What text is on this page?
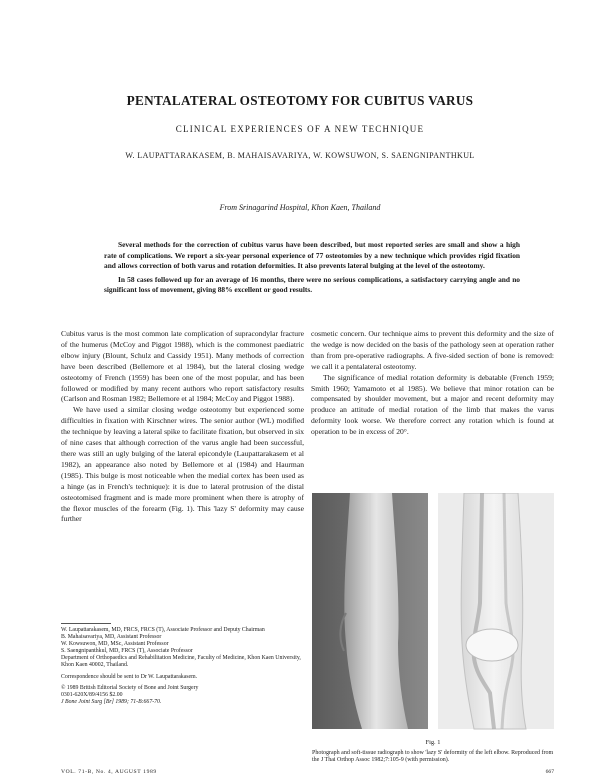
PENTALATERAL OSTEOTOMY FOR CUBITUS VARUS
CLINICAL EXPERIENCES OF A NEW TECHNIQUE
W. LAUPATTARAKASEM, B. MAHAISAVARIYA, W. KOWSUWON, S. SAENGNIPANTHKUL
From Srinagarind Hospital, Khon Kaen, Thailand

Several methods for the correction of cubitus varus have been described, but most reported series are small and show a high rate of complications. We report a six-year personal experience of 77 osteotomies by a new technique which provides rigid fixation and allows correction of both varus and rotation deformities. It also prevents lateral bulging at the level of the osteotomy.

In 58 cases followed up for an average of 16 months, there were no serious complications, a satisfactory carrying angle and no significant loss of movement, giving 88% excellent or good results.

Cubitus varus is the most common late complication of supracondylar fracture of the humerus (McCoy and Piggot 1988), which is the commonest paediatric elbow injury (Blount, Schulz and Cassidy 1951). Many methods of correction have been described (Bellemore et al 1984), but the lateral closing wedge osteotomy of French (1959) has been one of the most popular, and has been followed or modified by many recent authors who report satisfactory results (Carlson and Rosman 1982; Bellemore et al 1984; McCoy and Piggot 1988).

We have used a similar closing wedge osteotomy but experienced some difficulties in fixation with Kirschner wires. The senior author (WL) modified the technique by leaving a lateral spike to facilitate fixation, but observed in six of nine cases that although correction of the varus angle had been successful, there was still an ugly bulging of the lateral epicondyle (Laupattarakasem et al 1982), an appearance also noted by Bellemore et al (1984) and Haurman (1985). This bulge is most noticeable when the medial cortex has been used as a hinge (as in French's technique): it is due to lateral protrusion of the distal osteotomised fragment and is made more prominent when there is atrophy of the flexor muscles of the forearm (Fig. 1). This 'lazy S' deformity may cause further

cosmetic concern. Our technique aims to prevent this deformity and the size of the wedge is now decided on the basis of the pathology seen at operation rather than from pre-operative radiographs. A five-sided section of bone is removed: we call it a pentalateral osteotomy.

The significance of medial rotation deformity is debatable (French 1959; Smith 1960; Yamamoto et al 1985). We believe that minor rotation can be compensated by shoulder movement, but a major and recent deformity may produce an attitude of medial rotation of the limb that makes the varus deformity look worse. We therefore correct any rotation which is found at operation to be in excess of 20°.

W. Laupattarakasem, MD, FRCS, FRCS (T), Associate Professor and Deputy Chairman
B. Mahaisavariya, MD, Assistant Professor
W. Kowsuwon, MD, MSc, Assistant Professor
S. Saengnipanthkul, MD, FRCS (T), Associate Professor
Department of Orthopaedics and Rehabilitation Medicine, Faculty of Medicine, Khon Kaen University, Khon Kaen 40002, Thailand.
Correspondence should be sent to Dr W. Laupattarakasem.
© 1989 British Editorial Society of Bone and Joint Surgery
0301-620X/89/4156 $2.00
J Bone Joint Surg [Br] 1989; 71-B:667-70.
Fig. 1
Photograph and soft-tissue radiograph to show 'lazy S' deformity of the left elbow. Reproduced from the J Thai Orthop Assoc 1982;7:105-9 (with permission).
VOL. 71-B, No. 4, AUGUST 1989	667
